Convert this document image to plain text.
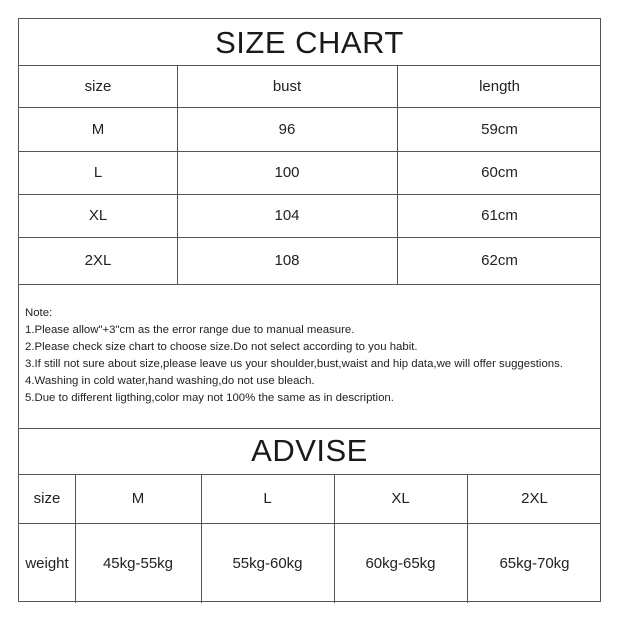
SIZE CHART
size	bust	length
M	96	59cm
L	100	60cm
XL	104	61cm
2XL	108	62cm
Note:
1.Please allow"+3"cm as the error range due to manual measure.
2.Please check size chart to choose size.Do not select according to you habit.
3.If still not sure about size,please leave us your shoulder,bust,waist and hip data,we will offer suggestions.
4.Washing in cold water,hand washing,do not use bleach.
5.Due to different ligthing,color may not 100% the same as in description.
ADVISE
size	M	L	XL	2XL
weight	45kg-55kg	55kg-60kg	60kg-65kg	65kg-70kg
